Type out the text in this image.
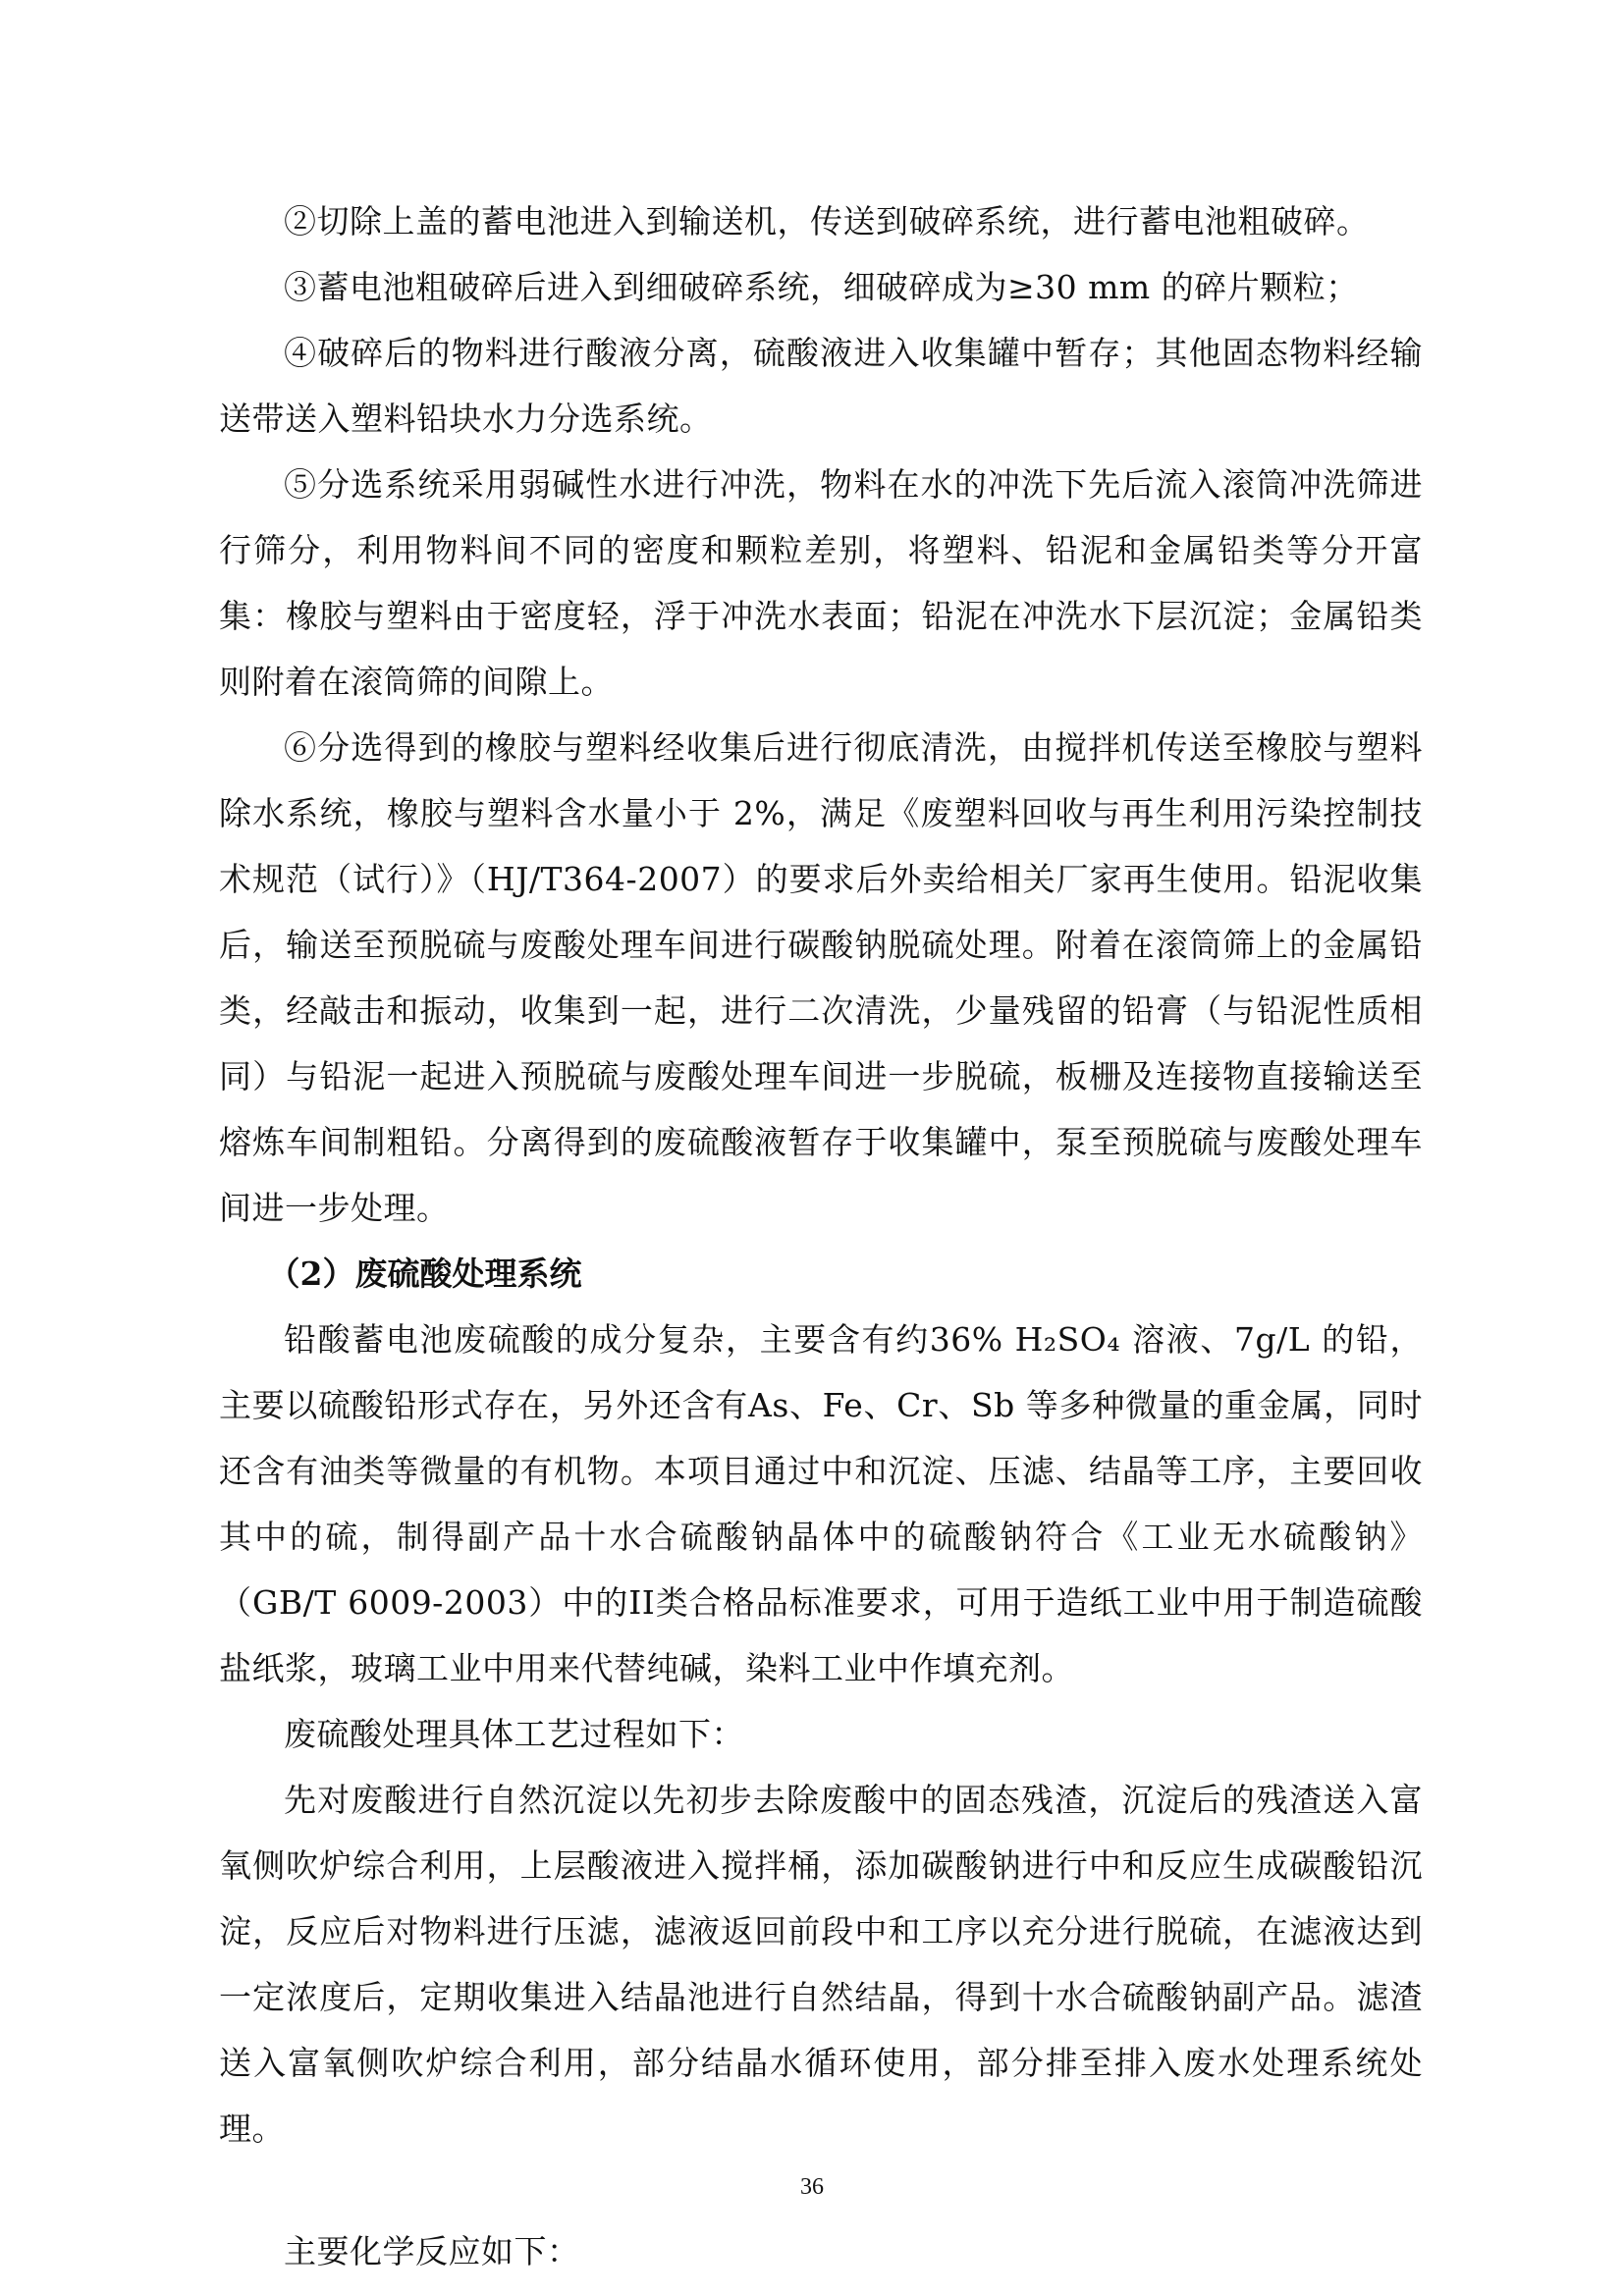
②切除上盖的蓄电池进入到输送机，传送到破碎系统，进行蓄电池粗破碎。

③蓄电池粗破碎后进入到细破碎系统，细破碎成为≥30 mm 的碎片颗粒；

④破碎后的物料进行酸液分离，硫酸液进入收集罐中暂存；其他固态物料经输送带送入塑料铅块水力分选系统。

⑤分选系统采用弱碱性水进行冲洗，物料在水的冲洗下先后流入滚筒冲洗筛进行筛分，利用物料间不同的密度和颗粒差别，将塑料、铅泥和金属铅类等分开富集：橡胶与塑料由于密度轻，浮于冲洗水表面；铅泥在冲洗水下层沉淀；金属铅类则附着在滚筒筛的间隙上。

⑥分选得到的橡胶与塑料经收集后进行彻底清洗，由搅拌机传送至橡胶与塑料除水系统，橡胶与塑料含水量小于 2%，满足《废塑料回收与再生利用污染控制技术规范（试行）》（HJ/T364-2007）的要求后外卖给相关厂家再生使用。铅泥收集后，输送至预脱硫与废酸处理车间进行碳酸钠脱硫处理。附着在滚筒筛上的金属铅类，经敲击和振动，收集到一起，进行二次清洗，少量残留的铅膏（与铅泥性质相同）与铅泥一起进入预脱硫与废酸处理车间进一步脱硫，板栅及连接物直接输送至熔炼车间制粗铅。分离得到的废硫酸液暂存于收集罐中，泵至预脱硫与废酸处理车间进一步处理。

（2）废硫酸处理系统

铅酸蓄电池废硫酸的成分复杂，主要含有约36% H₂SO₄ 溶液、7g/L 的铅，主要以硫酸铅形式存在，另外还含有As、Fe、Cr、Sb 等多种微量的重金属，同时还含有油类等微量的有机物。本项目通过中和沉淀、压滤、结晶等工序，主要回收其中的硫，制得副产品十水合硫酸钠晶体中的硫酸钠符合《工业无水硫酸钠》（GB/T 6009-2003）中的II类合格品标准要求，可用于造纸工业中用于制造硫酸盐纸浆，玻璃工业中用来代替纯碱，染料工业中作填充剂。

废硫酸处理具体工艺过程如下：

先对废酸进行自然沉淀以先初步去除废酸中的固态残渣，沉淀后的残渣送入富氧侧吹炉综合利用，上层酸液进入搅拌桶，添加碳酸钠进行中和反应生成碳酸铅沉淀，反应后对物料进行压滤，滤液返回前段中和工序以充分进行脱硫，在滤液达到一定浓度后，定期收集进入结晶池进行自然结晶，得到十水合硫酸钠副产品。滤渣送入富氧侧吹炉综合利用，部分结晶水循环使用，部分排至排入废水处理系统处理。

主要化学反应如下：

36
